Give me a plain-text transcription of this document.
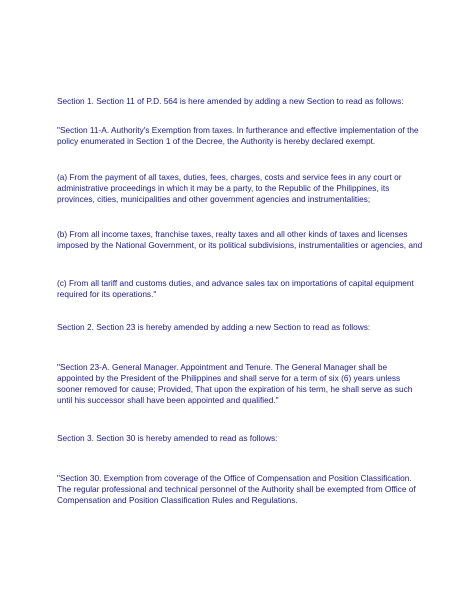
Section 1. Section 11 of P.D. 564 is here amended by adding a new Section to read as follows:

"Section 11-A. Authority's Exemption from taxes. In furtherance and effective implementation of the
policy enumerated in Section 1 of the Decree, the Authority is hereby declared exempt.

(a) From the payment of all taxes, duties, fees, charges, costs and service fees in any court or
administrative proceedings in which it may be a party, to the Republic of the Philippines, its
provinces, cities, municipalities and other government agencies and instrumentalities;

(b) From all income taxes, franchise taxes, realty taxes and all other kinds of taxes and licenses
imposed by the National Government, or its political subdivisions, instrumentalities or agencies, and

(c) From all tariff and customs duties, and advance sales tax on importations of capital equipment
required for its operations."

Section 2. Section 23 is hereby amended by adding a new Section to read as follows:

"Section 23-A. General Manager. Appointment and Tenure. The General Manager shall be
appointed by the President of the Philippines and shall serve for a term of six (6) years unless
sooner removed for cause; Provided, That upon the expiration of his term, he shall serve as such
until his successor shall have been appointed and qualified."

Section 3. Section 30 is hereby amended to read as follows:

"Section 30. Exemption from coverage of the Office of Compensation and Position Classification.
The regular professional and technical personnel of the Authority shall be exempted from Office of
Compensation and Position Classification Rules and Regulations.
